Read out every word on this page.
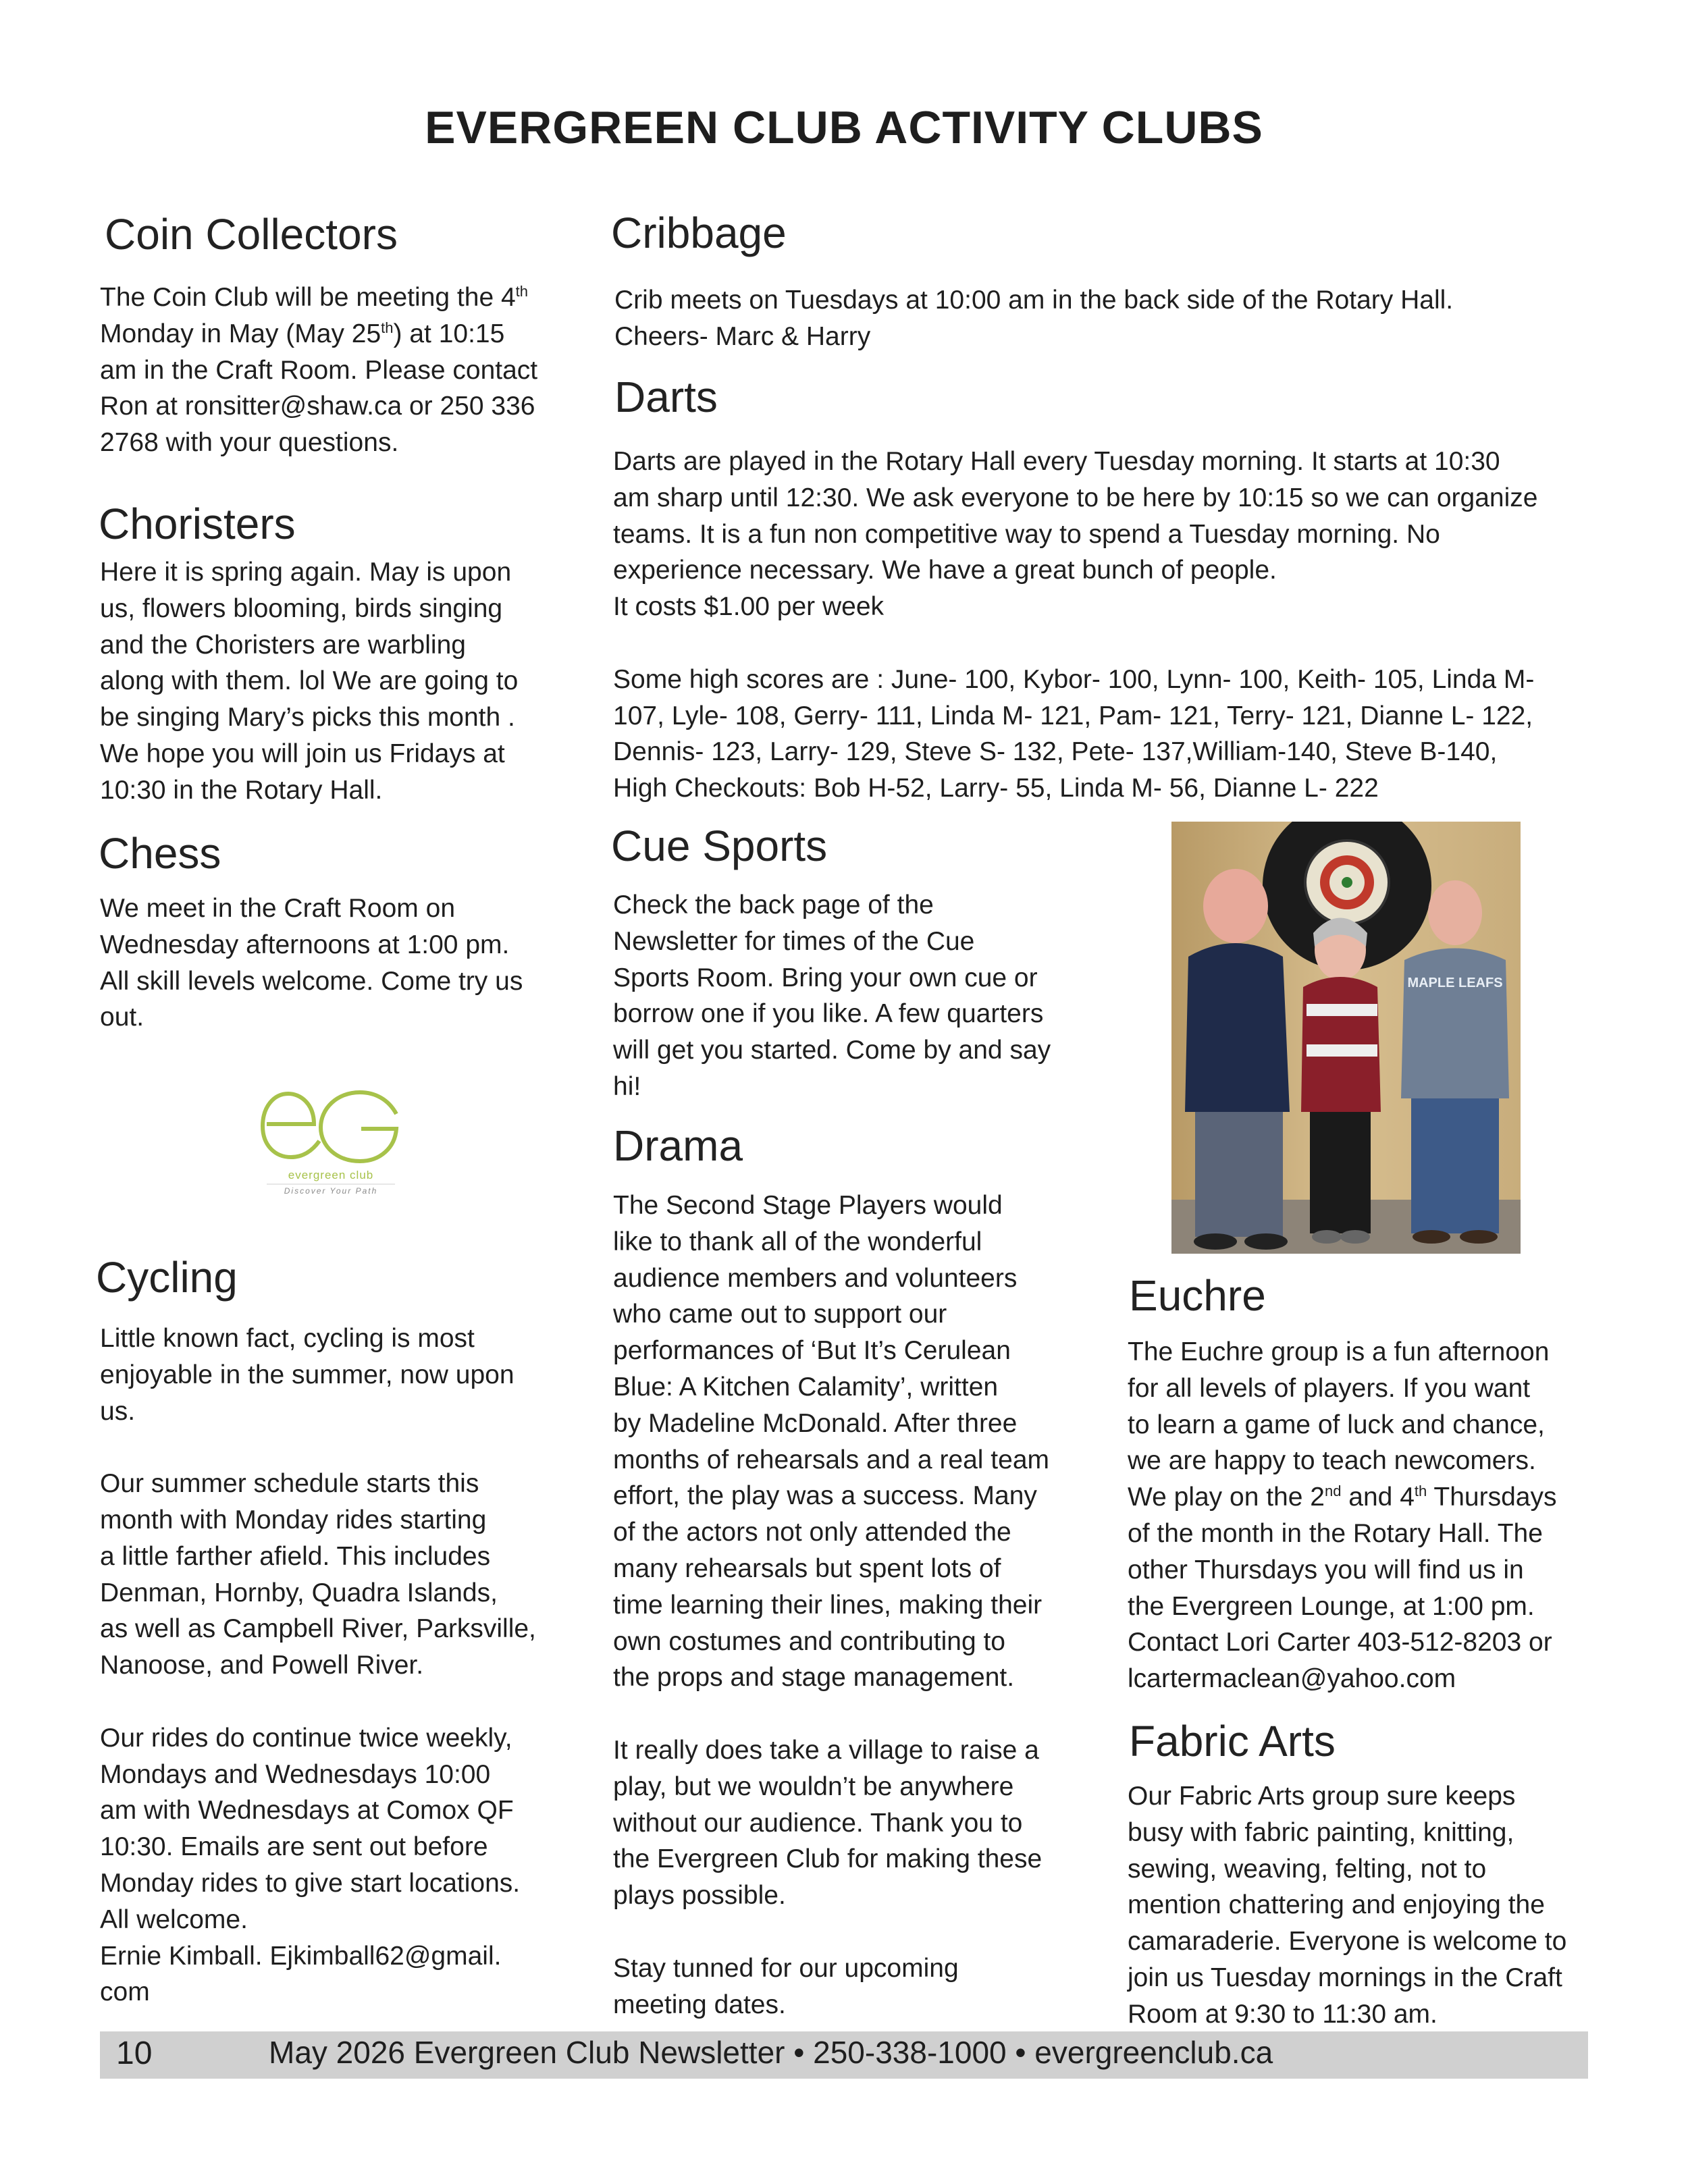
EVERGREEN CLUB ACTIVITY CLUBS
Coin Collectors

The Coin Club will be meeting the 4th

Monday in May (May 25th) at 10:15

am in the Craft Room. Please contact

Ron at ronsitter@shaw.ca or 250 336

2768 with your questions.

Choristers

Here it is spring again. May is upon

us, flowers blooming, birds singing

and the Choristers are warbling

along with them. lol We are going to

be singing Mary’s picks this month .

We hope you will join us Fridays at

10:30 in the Rotary Hall.

Chess

We meet in the Craft Room on

Wednesday afternoons at 1:00 pm.

All skill levels welcome. Come try us

out.

evergreen club
Discover Your Path
Cycling

Little known fact, cycling is most

enjoyable in the summer, now upon

us.

Our summer schedule starts this

month with Monday rides starting

a little farther afield. This includes

Denman, Hornby, Quadra Islands,

as well as Campbell River, Parksville,

Nanoose, and Powell River.

Our rides do continue twice weekly,

Mondays and Wednesdays 10:00

am with Wednesdays at Comox QF

10:30. Emails are sent out before

Monday rides to give start locations.

All welcome.

Ernie Kimball. Ejkimball62@gmail.

com

Cribbage

Crib meets on Tuesdays at 10:00 am in the back side of the Rotary Hall.

Cheers- Marc & Harry

Darts

Darts are played in the Rotary Hall every Tuesday morning. It starts at 10:30

am sharp until 12:30. We ask everyone to be here by 10:15 so we can organize

teams. It is a fun non competitive way to spend a Tuesday morning. No

experience necessary. We have a great bunch of people.

It costs $1.00 per week

Some high scores are : June- 100, Kybor- 100, Lynn- 100, Keith- 105, Linda M-

107, Lyle- 108, Gerry- 111, Linda M- 121, Pam- 121, Terry- 121, Dianne L- 122,

Dennis- 123, Larry- 129, Steve S- 132, Pete- 137,William-140, Steve B-140,

High Checkouts: Bob H-52, Larry- 55, Linda M- 56, Dianne L- 222

Cue Sports

Check the back page of the

Newsletter for times of the Cue

Sports Room. Bring your own cue or

borrow one if you like. A few quarters

will get you started. Come by and say

hi!

Drama

The Second Stage Players would

like to thank all of the wonderful

audience members and volunteers

who came out to support our

performances of ‘But It’s Cerulean

Blue: A Kitchen Calamity’, written

by Madeline McDonald. After three

months of rehearsals and a real team

effort, the play was a success. Many

of the actors not only attended the

many rehearsals but spent lots of

time learning their lines, making their

own costumes and contributing to

the props and stage management.

It really does take a village to raise a

play, but we wouldn’t be anywhere

without our audience. Thank you to

the Evergreen Club for making these

plays possible.

Stay tunned for our upcoming

meeting dates.

MAPLE LEAFS
Euchre

The Euchre group is a fun afternoon

for all levels of players. If you want

to learn a game of luck and chance,

we are happy to teach newcomers.

We play on the 2nd and 4th Thursdays

of the month in the Rotary Hall. The

other Thursdays you will find us in

the Evergreen Lounge, at 1:00 pm.

Contact Lori Carter 403-512-8203 or

lcartermaclean@yahoo.com

Fabric Arts

Our Fabric Arts group sure keeps

busy with fabric painting, knitting,

sewing, weaving, felting, not to

mention chattering and enjoying the

camaraderie. Everyone is welcome to

join us Tuesday mornings in the Craft

Room at 9:30 to 11:30 am.

10	May 2026 Evergreen Club Newsletter • 250-338-1000 • evergreenclub.ca
